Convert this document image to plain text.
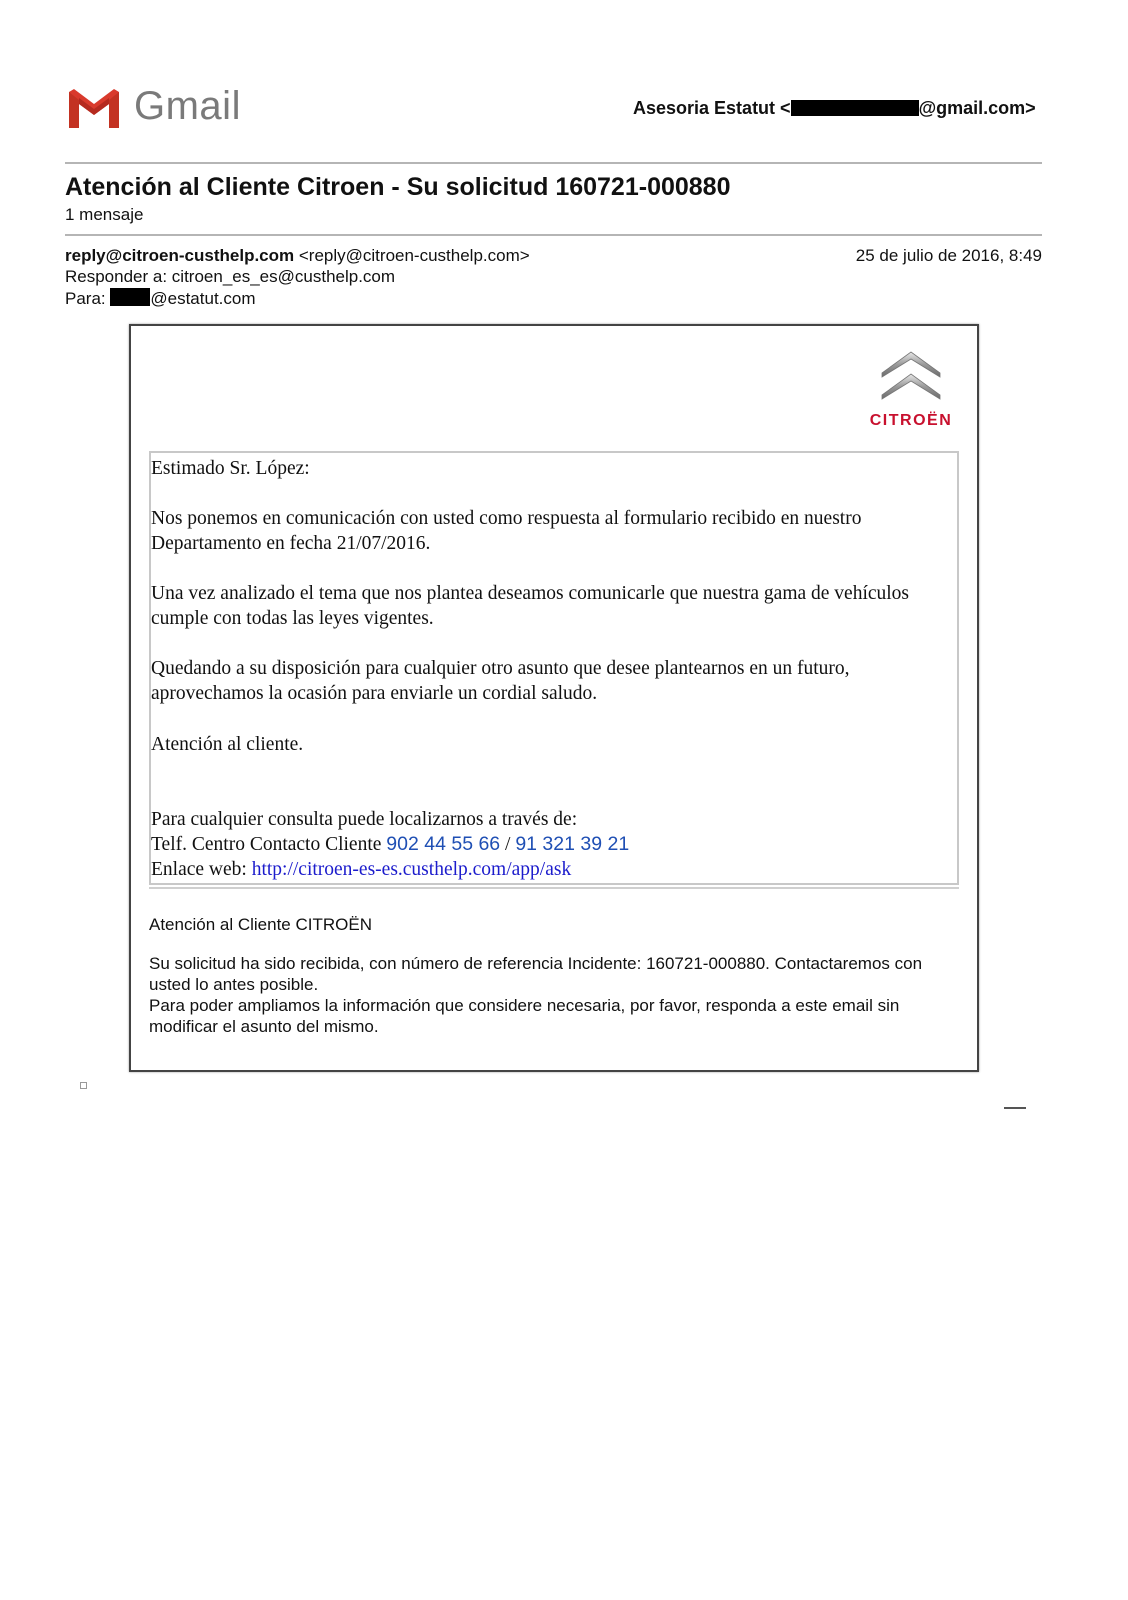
Gmail	Asesoria Estatut <	@gmail.com>
Atención al Cliente Citroen - Su solicitud 160721-000880
1 mensaje
reply@citroen-custhelp.com <reply@citroen-custhelp.com>
Responder a: citroen_es_es@custhelp.com
Para:	@estatut.com
25 de julio de 2016, 8:49
CITROËN
Estimado Sr. López:
Nos ponemos en comunicación con usted como respuesta al formulario recibido en nuestro Departamento en fecha 21/07/2016.
Una vez analizado el tema que nos plantea deseamos comunicarle que nuestra gama de vehículos cumple con todas las leyes vigentes.
Quedando a su disposición para cualquier otro asunto que desee plantearnos en un futuro, aprovechamos la ocasión para enviarle un cordial saludo.
Atención al cliente.
Para cualquier consulta puede localizarnos a través de:
Telf. Centro Contacto Cliente 902 44 55 66 / 91 321 39 21
Enlace web: http://citroen-es-es.custhelp.com/app/ask
Atención al Cliente CITROËN
Su solicitud ha sido recibida, con número de referencia Incidente: 160721-000880. Contactaremos con usted lo antes posible.
Para poder ampliamos la información que considere necesaria, por favor, responda a este email sin modificar el asunto del mismo.
